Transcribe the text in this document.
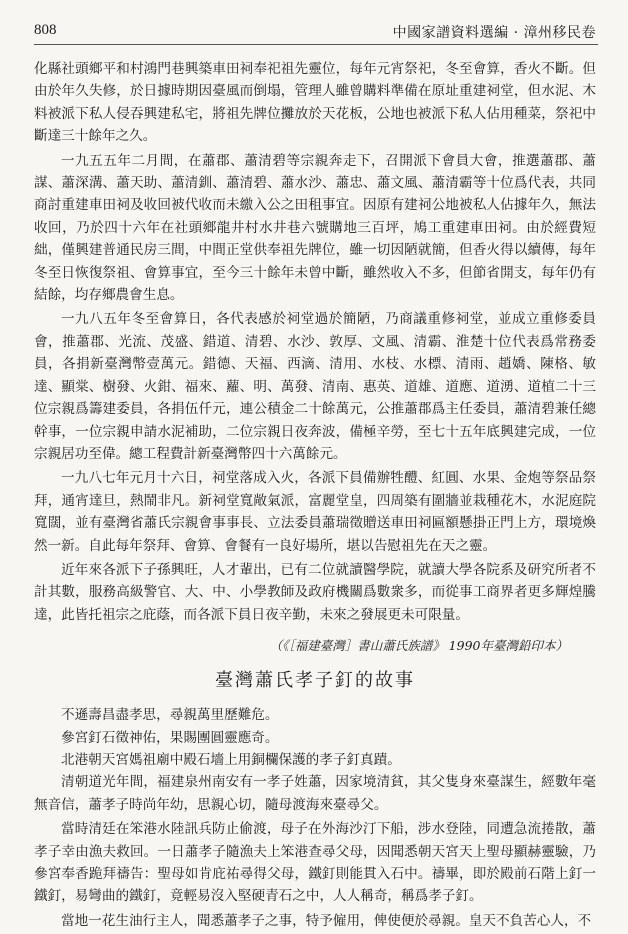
808	中國家譜資料選編 · 漳州移民卷

化縣社頭鄉平和村鴻門巷興築車田祠奉祀祖先靈位，每年元宵祭祀，冬至會算，香火不斷。但由於年久失修，於日據時期因臺風而倒塌，管理人雖曾購料準備在原址重建祠堂，但水泥、木料被派下私人侵吞興建私宅，將祖先牌位攤放於天花板，公地也被派下私人佔用種菜，祭祀中斷達三十餘年之久。

一九五五年二月間，在蕭郡、蕭清碧等宗親奔走下，召開派下會員大會，推選蕭郡、蕭謀、蕭深溝、蕭天助、蕭清釧、蕭清碧、蕭水沙、蕭忠、蕭文風、蕭清霸等十位爲代表，共同商討重建車田祠及收回被代收而未繳入公之田租事宜。因原有建祠公地被私人佔據年久，無法收回，乃於四十六年在社頭鄉龍井村水井巷六號購地三百坪，鳩工重建車田祠。由於經費短絀，僅興建普通民房三間，中間正堂供奉祖先牌位，雖一切因陋就簡，但香火得以續傳，每年冬至日恢復祭祖、會算事宜，至今三十餘年未曾中斷，雖然收入不多，但節省開支，每年仍有結餘，均存鄉農會生息。

一九八五年冬至會算日，各代表感於祠堂過於簡陋，乃商議重修祠堂，並成立重修委員會，推蕭郡、光流、茂盛、錯道、清碧、水沙、敦厚、文風、清霸、淮楚十位代表爲常務委員，各捐新臺灣幣壹萬元。錯德、天福、西滴、清用、水枝、水標、清雨、趙嬌、陳格、敏達、顯棠、樹發、火鉗、福來、蘿、明、萬發、清南、惠英、道雄、道應、道湧、道植二十三位宗親爲籌建委員，各捐伍仟元，連公積金二十餘萬元，公推蕭郡爲主任委員，蕭清碧兼任總幹事，一位宗親申請水泥補助，二位宗親日夜奔波，備極辛勞，至七十五年底興建完成，一位宗親居功至偉。總工程費計新臺灣幣四十六萬餘元。

一九八七年元月十六日，祠堂落成入火，各派下員備辦牲醴、紅圓、水果、金炮等祭品祭拜，通宵達旦，熱鬧非凡。新祠堂寬敞氣派，富麗堂皇，四周築有圍牆並栽種花木，水泥庭院寬闊，並有臺灣省蕭氏宗親會事事長、立法委員蕭瑞徵贈送車田祠匾額懸掛正門上方，環境煥然一新。自此每年祭拜、會算、會餐有一良好場所，堪以告慰祖先在天之靈。

近年來各派下子孫興旺，人才輩出，已有二位就讀醫學院，就讀大學各院系及研究所者不計其數，服務高級警官、大、中、小學教師及政府機關爲數衆多，而從事工商界者更多輝煌騰達，此皆托祖宗之庇蔭，而各派下員日夜辛勤，未來之發展更未可限量。

（《［福建臺灣］書山蕭氏族譜》 1990年臺灣鉛印本）
臺灣蕭氏孝子釘的故事

不遜壽昌盡孝思，尋親萬里歷難危。

參宮釘石徵神佑，果賜團圓靈應奇。

北港朝天宮媽祖廟中殿石墻上用銅欄保護的孝子釘真蹟。

清朝道光年間，福建泉州南安有一孝子姓蕭，因家境清貧，其父隻身來臺謀生，經數年毫無音信，蕭孝子時尚年幼，思親心切，隨母渡海來臺尋父。

當時清廷在笨港水陸訊兵防止偷渡，母子在外海沙汀下船，涉水登陸，同遭急流捲散，蕭孝子幸由漁夫救回。一日蕭孝子隨漁夫上笨港查尋父母，因聞悉朝天宮天上聖母顯赫靈驗，乃參宮奉香跪拜禱告：聖母如肯庇祐尋得父母，鐵釘則能貫入石中。禱畢，即於殿前石階上釘一鐵釘，易彎曲的鐵釘，竟輕易沒入堅硬青石之中，人人稱奇，稱爲孝子釘。

當地一花生油行主人，聞悉蕭孝子之事，特予僱用，俾使便於尋親。皇天不負苦心人，不
